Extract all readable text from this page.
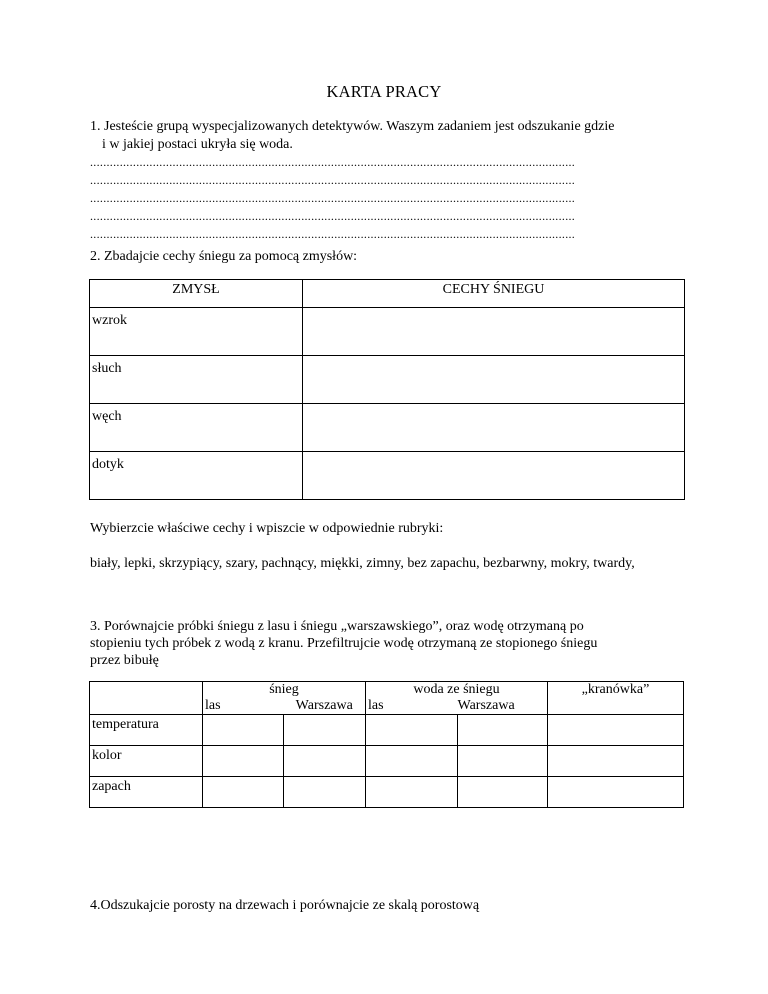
KARTA PRACY
1. Jesteście grupą wyspecjalizowanych detektywów. Waszym zadaniem jest odszukanie gdzie
i w jakiej postaci ukryła się woda.
...................................................................................................................................................
...................................................................................................................................................
...................................................................................................................................................
...................................................................................................................................................
...................................................................................................................................................
2. Zbadajcie cechy śniegu za pomocą zmysłów:
ZMYSŁ	CECHY ŚNIEGU

wzrok	

słuch	

węch	

dotyk	

Wybierzcie właściwe cechy i wpiszcie w odpowiednie rubryki:
biały, lepki, skrzypiący, szary, pachnący, miękki, zimny, bez zapachu, bezbarwny, mokry, twardy,
3. Porównajcie próbki śniegu z lasu i śniegu „warszawskiego”, oraz wodę otrzymaną po
stopieniu tych próbek z wodą z kranu. Przefiltrujcie wodę otrzymaną ze stopionego śniegu
przez bibułę
	śnieg		woda ze śniegu		„kranówka”
	las	Warszawa	las	Warszawa	

temperatura					

kolor					

zapach					

4.Odszukajcie porosty na drzewach i porównajcie ze skalą porostową
